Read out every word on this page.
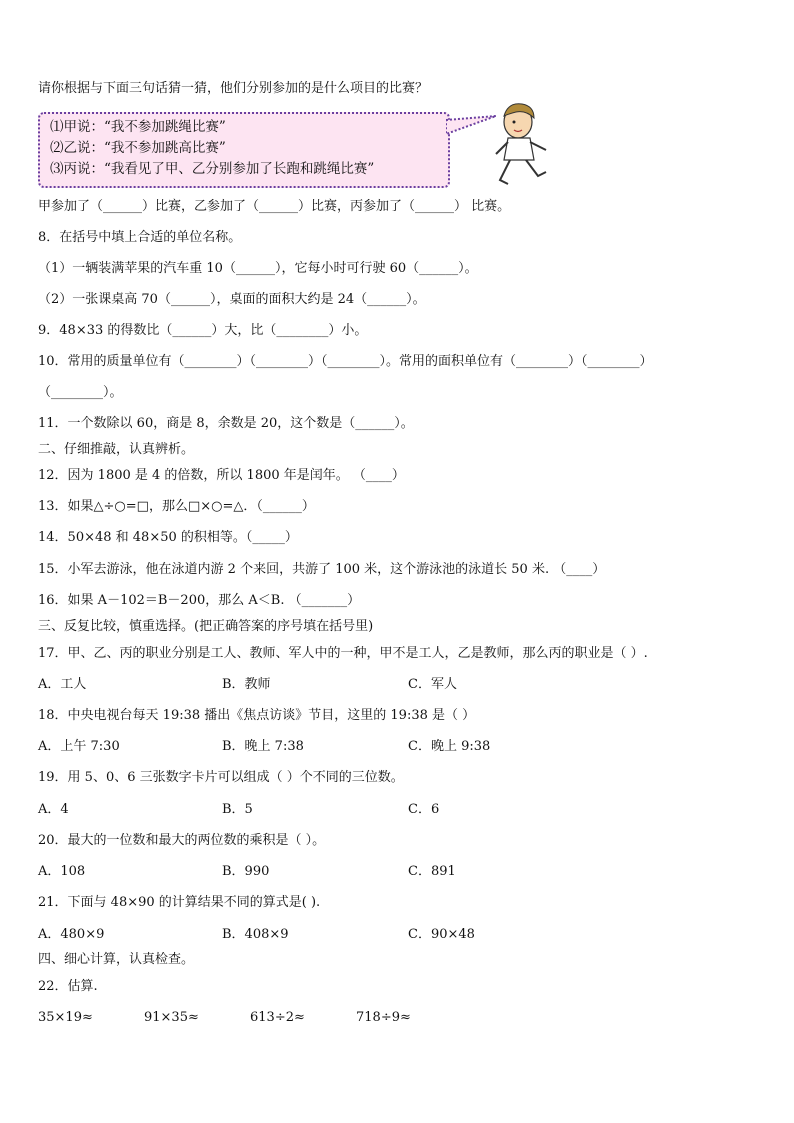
请你根据与下面三句话猜一猜，他们分别参加的是什么项目的比赛？
⑴甲说：“我不参加跳绳比赛”
⑵乙说：“我不参加跳高比赛”
⑶丙说：“我看见了甲、乙分别参加了长跑和跳绳比赛”
甲参加了（______）比赛，乙参加了（______）比赛，丙参加了（______） 比赛。
8．在括号中填上合适的单位名称。
（1）一辆装满苹果的汽车重 10（______），它每小时可行驶 60（______）。
（2）一张课桌高 70（______），桌面的面积大约是 24（______）。
9．48×33 的得数比（______）大，比（________）小。
10．常用的质量单位有（________）（________）（________）。常用的面积单位有（________）（________）
（________）。
11．一个数除以 60，商是 8，余数是 20，这个数是（______）。
二、仔细推敲，认真辨析。
12．因为 1800 是 4 的倍数，所以 1800 年是闰年。 （____）
13．如果△÷○=□，那么□×○=△．（______）
14．50×48 和 48×50 的积相等。（_____）
15．小军去游泳，他在泳道内游 2 个来回，共游了 100 米，这个游泳池的泳道长 50 米. （____）
16．如果 A－102＝B－200，那么 A＜B. （_______）
三、反复比较，慎重选择。(把正确答案的序号填在括号里)
17．甲、乙、丙的职业分别是工人、教师、军人中的一种，甲不是工人，乙是教师，那么丙的职业是（ ）.
A．工人	B．教师	C．军人
18．中央电视台每天 19:38 播出《焦点访谈》节目，这里的 19:38 是（ ）
A．上午 7:30	B．晚上 7:38	C．晚上 9:38
19．用 5、0、6 三张数字卡片可以组成（ ）个不同的三位数。
A．4	B．5	C．6
20．最大的一位数和最大的两位数的乘积是（ ）。
A．108	B．990	C．891
21．下面与 48×90 的计算结果不同的算式是( ).
A．480×9	B．408×9	C．90×48
四、细心计算，认真检查。
22．估算.
35×19≈	91×35≈	613÷2≈	718÷9≈
